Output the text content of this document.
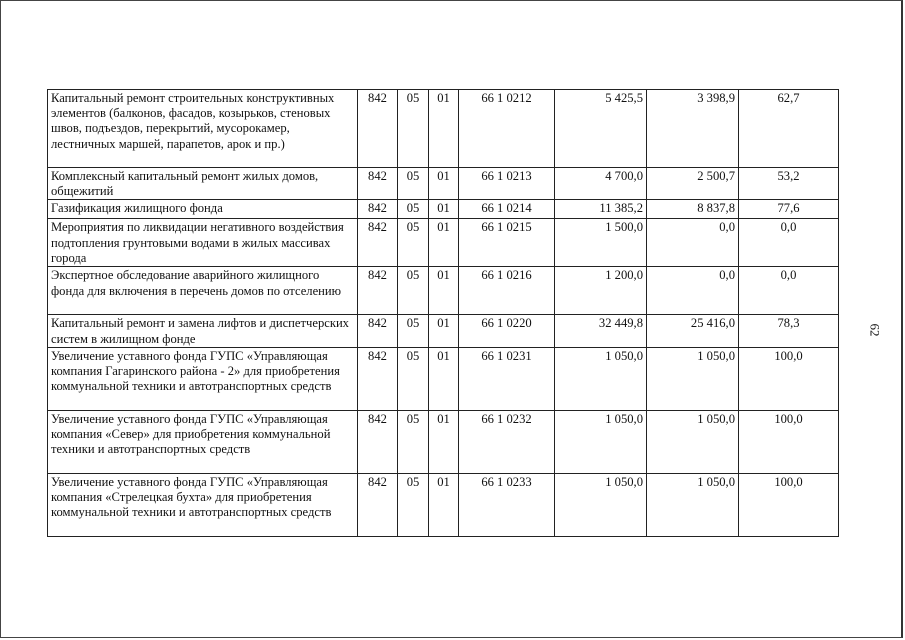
Капитальный ремонт строительных конструктивных элементов (балконов, фасадов, козырьков, стеновых швов, подъездов, перекрытий, мусорокамер, лестничных маршей, парапетов, арок и пр.)	842	05	01	66 1 0212	5 425,5	3 398,9	62,7
Комплексный капитальный ремонт жилых домов, общежитий	842	05	01	66 1 0213	4 700,0	2 500,7	53,2
Газификация жилищного фонда	842	05	01	66 1 0214	11 385,2	8 837,8	77,6
Мероприятия по ликвидации негативного воздействия подтопления грунтовыми водами в жилых массивах города	842	05	01	66 1 0215	1 500,0	0,0	0,0
Экспертное обследование аварийного жилищного фонда для включения в перечень домов по отселению	842	05	01	66 1 0216	1 200,0	0,0	0,0
Капитальный ремонт и замена лифтов и диспетчерских систем в жилищном фонде	842	05	01	66 1 0220	32 449,8	25 416,0	78,3
Увеличение уставного фонда ГУПС «Управляющая компания Гагаринского района - 2» для приобретения коммунальной техники и автотранспортных средств	842	05	01	66 1 0231	1 050,0	1 050,0	100,0
Увеличение уставного фонда ГУПС «Управляющая компания «Север» для приобретения коммунальной техники и автотранспортных средств	842	05	01	66 1 0232	1 050,0	1 050,0	100,0
Увеличение уставного фонда ГУПС «Управляющая компания «Стрелецкая бухта» для приобретения коммунальной техники и автотранспортных средств	842	05	01	66 1 0233	1 050,0	1 050,0	100,0
62
